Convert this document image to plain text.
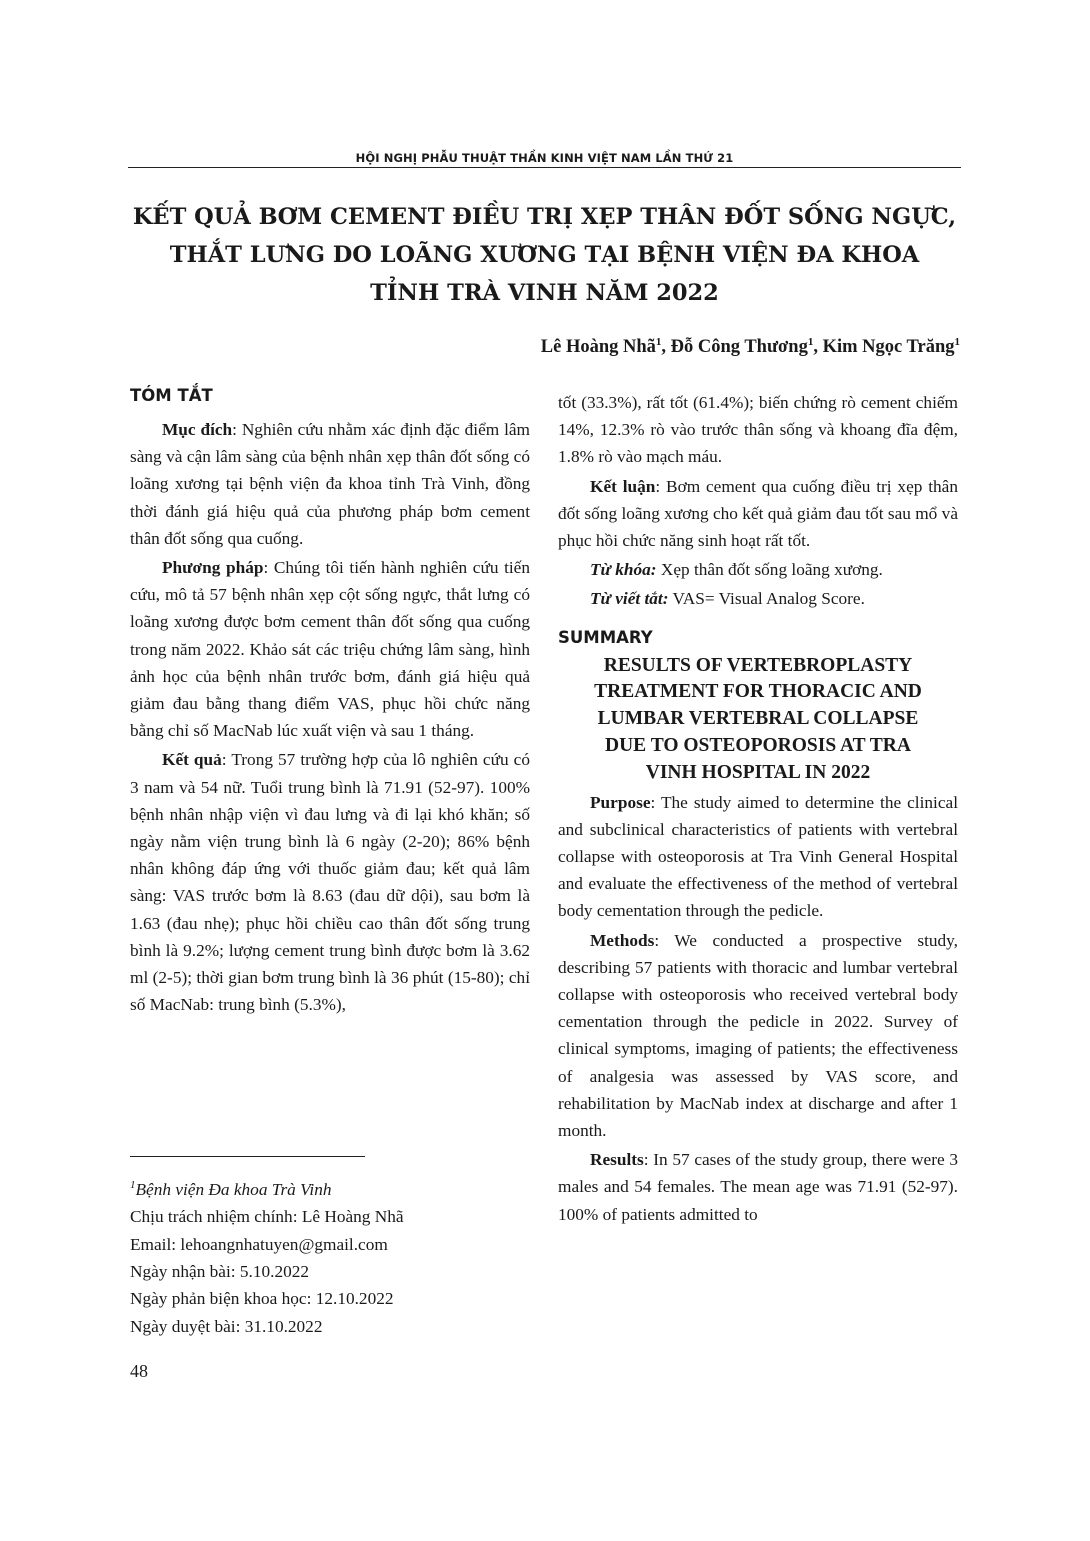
HỘI NGHỊ PHẪU THUẬT THẦN KINH VIỆT NAM LẦN THỨ 21
KẾT QUẢ BƠM CEMENT ĐIỀU TRỊ XẸP THÂN ĐỐT SỐNG NGỰC,
THẮT LƯNG DO LOÃNG XƯƠNG TẠI BỆNH VIỆN ĐA KHOA
TỈNH TRÀ VINH NĂM 2022
Lê Hoàng Nhã$^1$, Đỗ Công Thương$^1$, Kim Ngọc Trăng$^1$
TÓM TẮT

Mục đích: Nghiên cứu nhằm xác định đặc điểm lâm sàng và cận lâm sàng của bệnh nhân xẹp thân đốt sống có loãng xương tại bệnh viện đa khoa tỉnh Trà Vinh, đồng thời đánh giá hiệu quả của phương pháp bơm cement thân đốt sống qua cuống.

Phương pháp: Chúng tôi tiến hành nghiên cứu tiến cứu, mô tả 57 bệnh nhân xẹp cột sống ngực, thắt lưng có loãng xương được bơm cement thân đốt sống qua cuống trong năm 2022. Khảo sát các triệu chứng lâm sàng, hình ảnh học của bệnh nhân trước bơm, đánh giá hiệu quả giảm đau bằng thang điểm VAS, phục hồi chức năng bằng chỉ số MacNab lúc xuất viện và sau 1 tháng.

Kết quả: Trong 57 trường hợp của lô nghiên cứu có 3 nam và 54 nữ. Tuổi trung bình là 71.91 (52-97). 100% bệnh nhân nhập viện vì đau lưng và đi lại khó khăn; số ngày nằm viện trung bình là 6 ngày (2-20); 86% bệnh nhân không đáp ứng với thuốc giảm đau; kết quả lâm sàng: VAS trước bơm là 8.63 (đau dữ dội), sau bơm là 1.63 (đau nhẹ); phục hồi chiều cao thân đốt sống trung bình là 9.2%; lượng cement trung bình được bơm là 3.62 ml (2-5); thời gian bơm trung bình là 36 phút (15-80); chỉ số MacNab: trung bình (5.3%),

$^1$Bệnh viện Đa khoa Trà Vinh
Chịu trách nhiệm chính: Lê Hoàng Nhã
Email: lehoangnhatuyen@gmail.com
Ngày nhận bài: 5.10.2022
Ngày phản biện khoa học: 12.10.2022
Ngày duyệt bài: 31.10.2022

tốt (33.3%), rất tốt (61.4%); biến chứng rò cement chiếm 14%, 12.3% rò vào trước thân sống và khoang đĩa đệm, 1.8% rò vào mạch máu.

Kết luận: Bơm cement qua cuống điều trị xẹp thân đốt sống loãng xương cho kết quả giảm đau tốt sau mổ và phục hồi chức năng sinh hoạt rất tốt.

Từ khóa: Xẹp thân đốt sống loãng xương.

Từ viết tắt: VAS= Visual Analog Score.

SUMMARY
RESULTS OF VERTEBROPLASTY
TREATMENT FOR THORACIC AND
LUMBAR VERTEBRAL COLLAPSE
DUE TO OSTEOPOROSIS AT TRA
VINH HOSPITAL IN 2022

Purpose: The study aimed to determine the clinical and subclinical characteristics of patients with vertebral collapse with osteoporosis at Tra Vinh General Hospital and evaluate the effectiveness of the method of vertebral body cementation through the pedicle.

Methods: We conducted a prospective study, describing 57 patients with thoracic and lumbar vertebral collapse with osteoporosis who received vertebral body cementation through the pedicle in 2022. Survey of clinical symptoms, imaging of patients; the effectiveness of analgesia was assessed by VAS score, and rehabilitation by MacNab index at discharge and after 1 month.

Results: In 57 cases of the study group, there were 3 males and 54 females. The mean age was 71.91 (52-97). 100% of patients admitted to

48
